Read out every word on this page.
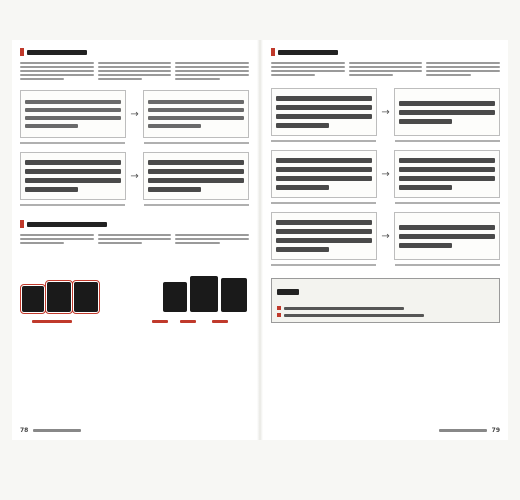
→
→
78
→
→
→
79
